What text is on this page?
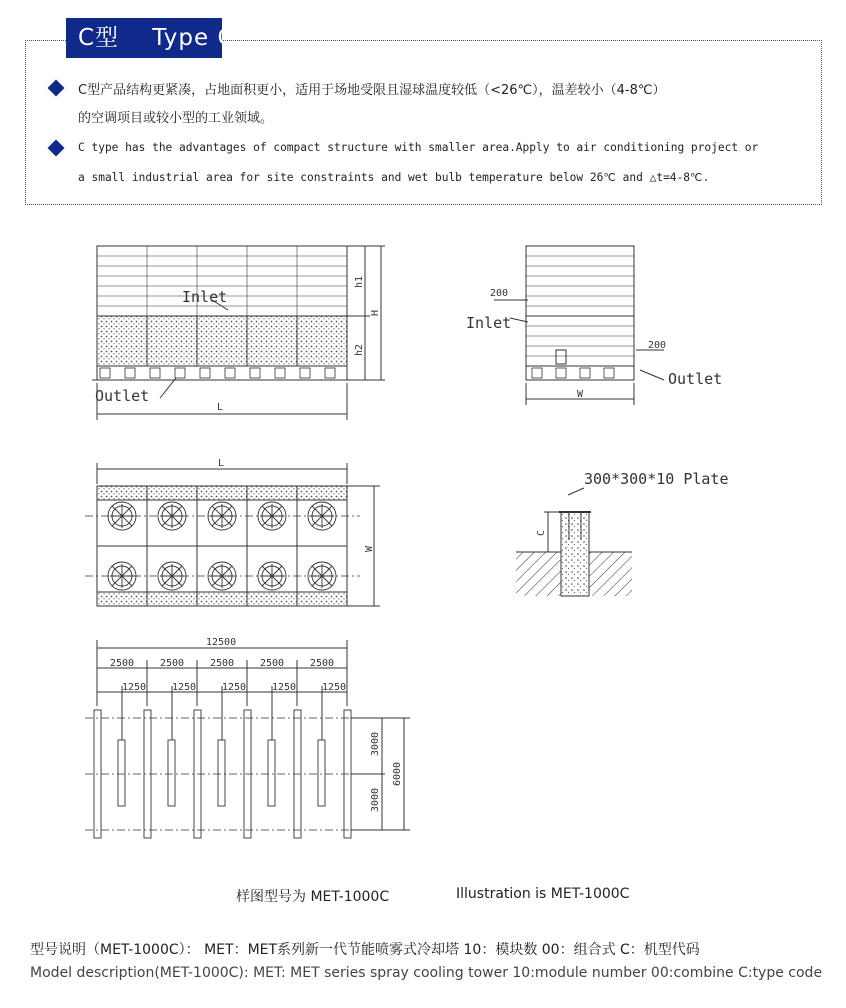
C型    Type C
C型产品结构更紧凑，占地面积更小，适用于场地受限且湿球温度较低（<26℃），温差较小（4-8℃）
的空调项目或较小型的工业领域。
C type has the advantages of compact structure with smaller area.Apply to air conditioning project or
a small industrial area for site constraints and wet bulb temperature below 26℃ and △t=4-8℃.
Inlet
Outlet
L
H
h1
h2
200
Inlet
200
Outlet
W
L
W
300*300*10 Plate
C
12500
2500	2500	2500	2500	2500
1250	1250	1250	1250	1250
3000
3000
6000
样图型号为 MET-1000C	Illustration is MET-1000C
型号说明（MET-1000C）： MET：MET系列新一代节能喷雾式冷却塔 10：模块数 00：组合式 C：机型代码
Model description(MET-1000C): MET: MET series spray cooling tower 10:module number 00:combine C:type code
